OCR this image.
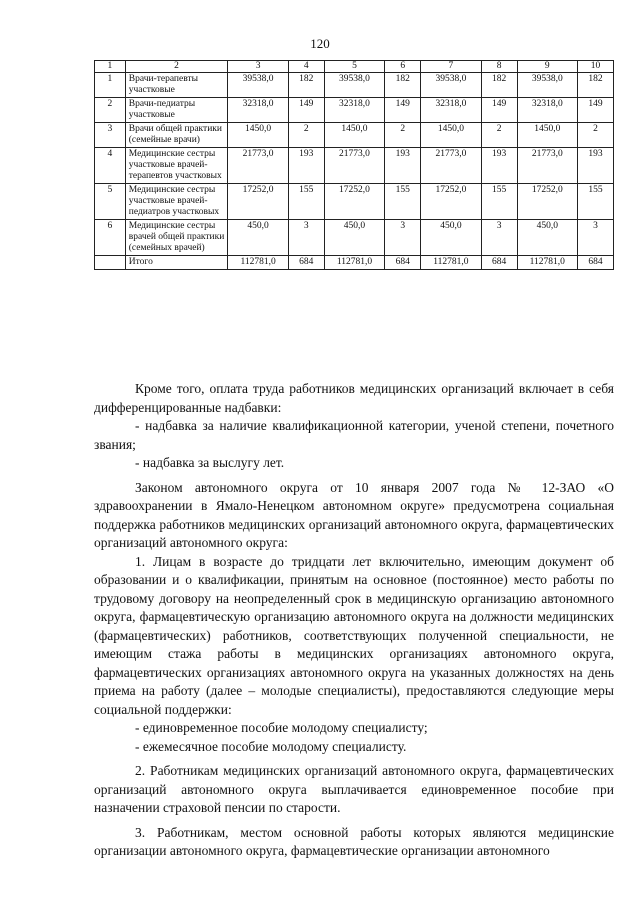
120
1	2	3	4	5	6	7	8	9	10
1	Врачи-терапевты участковые	39538,0	182	39538,0	182	39538,0	182	39538,0	182
2	Врачи-педиатры участковые	32318,0	149	32318,0	149	32318,0	149	32318,0	149
3	Врачи общей практики (семейные врачи)	1450,0	2	1450,0	2	1450,0	2	1450,0	2
4	Медицинские сестры участковые врачей-терапевтов участковых	21773,0	193	21773,0	193	21773,0	193	21773,0	193
5	Медицинские сестры участковые врачей-педиатров участковых	17252,0	155	17252,0	155	17252,0	155	17252,0	155
6	Медицинские сестры врачей общей практики (семейных врачей)	450,0	3	450,0	3	450,0	3	450,0	3
	Итого	112781,0	684	112781,0	684	112781,0	684	112781,0	684

Кроме того, оплата труда работников медицинских организаций включает в себя дифференцированные надбавки:

- надбавка за наличие квалификационной категории, ученой степени, почетного звания;

- надбавка за выслугу лет.

Законом автономного округа от 10 января 2007 года № 12-ЗАО «О здравоохранении в Ямало-Ненецком автономном округе» предусмотрена социальная поддержка работников медицинских организаций автономного округа, фармацевтических организаций автономного округа:

1. Лицам в возрасте до тридцати лет включительно, имеющим документ об образовании и о квалификации, принятым на основное (постоянное) место работы по трудовому договору на неопределенный срок в медицинскую организацию автономного округа, фармацевтическую организацию автономного округа на должности медицинских (фармацевтических) работников, соответствующих полученной специальности, не имеющим стажа работы в медицинских организациях автономного округа, фармацевтических организациях автономного округа на указанных должностях на день приема на работу (далее – молодые специалисты), предоставляются следующие меры социальной поддержки:

- единовременное пособие молодому специалисту;

- ежемесячное пособие молодому специалисту.

2. Работникам медицинских организаций автономного округа, фармацевтических организаций автономного округа выплачивается единовременное пособие при назначении страховой пенсии по старости.

3. Работникам, местом основной работы которых являются медицинские организации автономного округа, фармацевтические организации автономного
